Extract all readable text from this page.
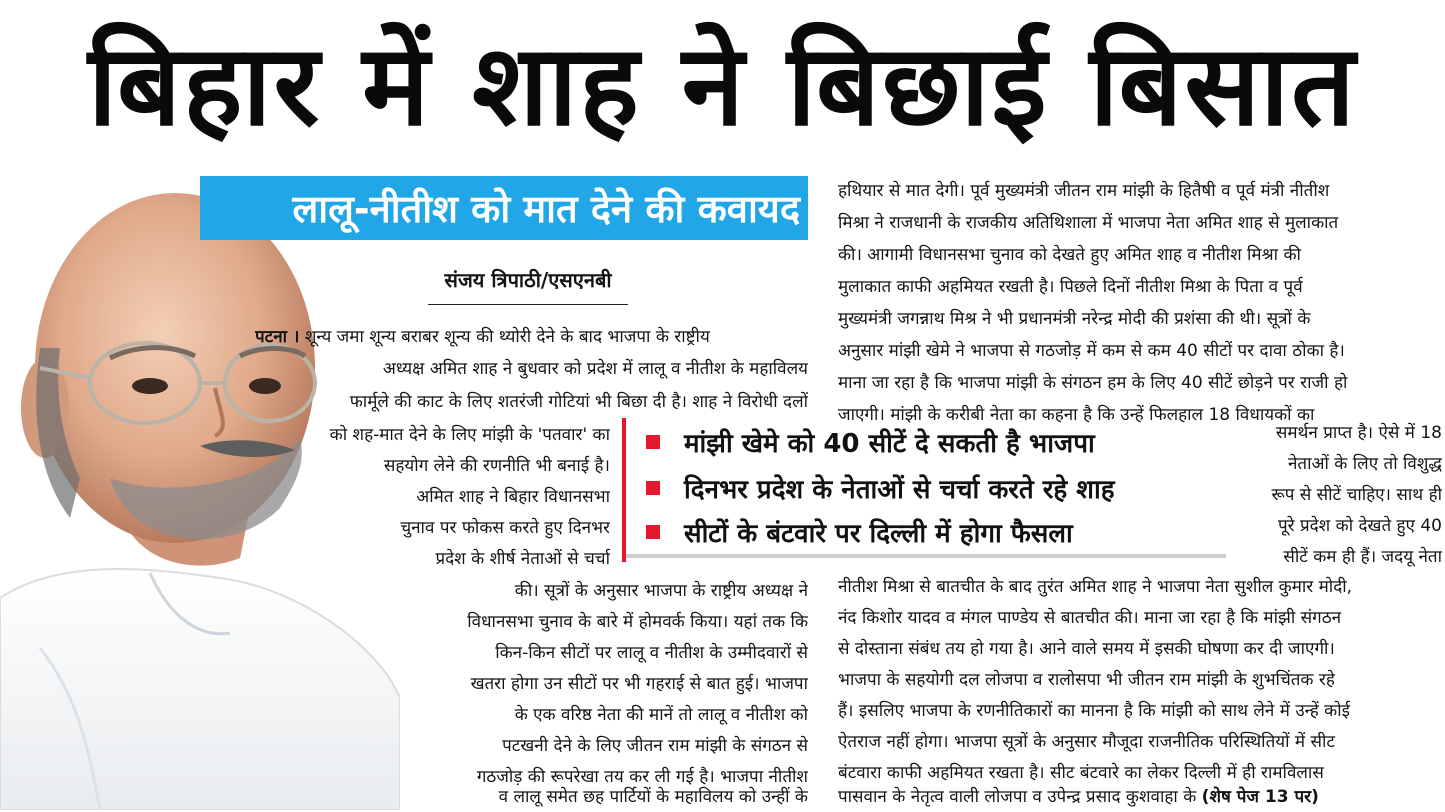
बिहार में शाह ने बिछाई बिसात
लालू-नीतीश को मात देने की कवायद
संजय त्रिपाठी/एसएनबी
पटना । शून्य जमा शून्य बराबर शून्य की थ्योरी देने के बाद भाजपा के राष्ट्रीय
अध्यक्ष अमित शाह ने बुधवार को प्रदेश में लालू व नीतीश के महाविलय
फार्मूले की काट के लिए शतरंजी गोटियां भी बिछा दी है। शाह ने विरोधी दलों
को शह-मात देने के लिए मांझी के 'पतवार' का
सहयोग लेने की रणनीति भी बनाई है।
अमित शाह ने बिहार विधानसभा
चुनाव पर फोकस करते हुए दिनभर
प्रदेश के शीर्ष नेताओं से चर्चा
की। सूत्रों के अनुसार भाजपा के राष्ट्रीय अध्यक्ष ने
विधानसभा चुनाव के बारे में होमवर्क किया। यहां तक कि
किन-किन सीटों पर लालू व नीतीश के उम्मीदवारों से
खतरा होगा उन सीटों पर भी गहराई से बात हुई। भाजपा
के एक वरिष्ठ नेता की मानें तो लालू व नीतीश को
पटखनी देने के लिए जीतन राम मांझी के संगठन से
गठजोड़ की रूपरेखा तय कर ली गई है। भाजपा नीतीश
व लालू समेत छह पार्टियों के महाविलय को उन्हीं के
हथियार से मात देगी। पूर्व मुख्यमंत्री जीतन राम मांझी के हितैषी व पूर्व मंत्री नीतीश
मिश्रा ने राजधानी के राजकीय अतिथिशाला में भाजपा नेता अमित शाह से मुलाकात
की। आगामी विधानसभा चुनाव को देखते हुए अमित शाह व नीतीश मिश्रा की
मुलाकात काफी अहमियत रखती है। पिछले दिनों नीतीश मिश्रा के पिता व पूर्व
मुख्यमंत्री जगन्नाथ मिश्र ने भी प्रधानमंत्री नरेन्द्र मोदी की प्रशंसा की थी। सूत्रों के
अनुसार मांझी खेमे ने भाजपा से गठजोड़ में कम से कम 40 सीटों पर दावा ठोका है।
माना जा रहा है कि भाजपा मांझी के संगठन हम के लिए 40 सीटें छोड़ने पर राजी हो
जाएगी। मांझी के करीबी नेता का कहना है कि उन्हें फिलहाल 18 विधायकों का
मांझी खेमे को 40 सीटें दे सकती है भाजपा
दिनभर प्रदेश के नेताओं से चर्चा करते रहे शाह
सीटों के बंटवारे पर दिल्ली में होगा फैसला
समर्थन प्राप्त है। ऐसे में 18
नेताओं के लिए तो विशुद्ध
रूप से सीटें चाहिए। साथ ही
पूरे प्रदेश को देखते हुए 40
सीटें कम ही हैं। जदयू नेता
नीतीश मिश्रा से बातचीत के बाद तुरंत अमित शाह ने भाजपा नेता सुशील कुमार मोदी,
नंद किशोर यादव व मंगल पाण्डेय से बातचीत की। माना जा रहा है कि मांझी संगठन
से दोस्ताना संबंध तय हो गया है। आने वाले समय में इसकी घोषणा कर दी जाएगी।
भाजपा के सहयोगी दल लोजपा व रालोसपा भी जीतन राम मांझी के शुभचिंतक रहे
हैं। इसलिए भाजपा के रणनीतिकारों का मानना है कि मांझी को साथ लेने में उन्हें कोई
ऐतराज नहीं होगा। भाजपा सूत्रों के अनुसार मौजूदा राजनीतिक परिस्थितियों में सीट
बंटवारा काफी अहमियत रखता है। सीट बंटवारे का लेकर दिल्ली में ही रामविलास
पासवान के नेतृत्व वाली लोजपा व उपेन्द्र प्रसाद कुशवाहा के (शेष पेज 13 पर)
